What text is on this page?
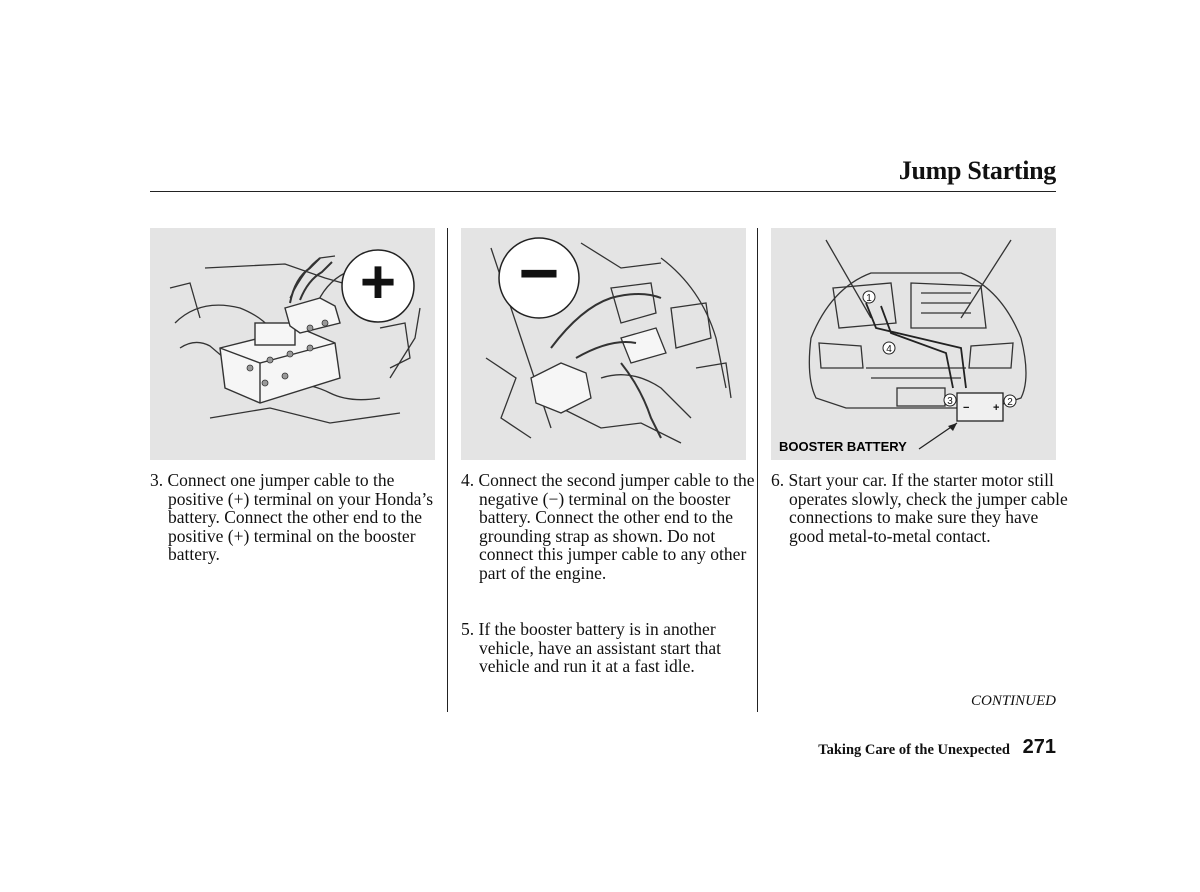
Jump Starting
+ −
− +
1
2
3
4
BOOSTER BATTERY

3. Connect one jumper cable to the positive (+) terminal on your Honda’s battery. Connect the other end to the positive (+) terminal on the booster battery.

4. Connect the second jumper cable to the negative (−) terminal on the booster battery. Connect the other end to the grounding strap as shown. Do not connect this jumper cable to any other part of the engine.

5. If the booster battery is in another vehicle, have an assistant start that vehicle and run it at a fast idle.

6. Start your car. If the starter motor still operates slowly, check the jumper cable connections to make sure they have good metal-to-metal contact.

CONTINUED
Taking Care of the Unexpected 271
